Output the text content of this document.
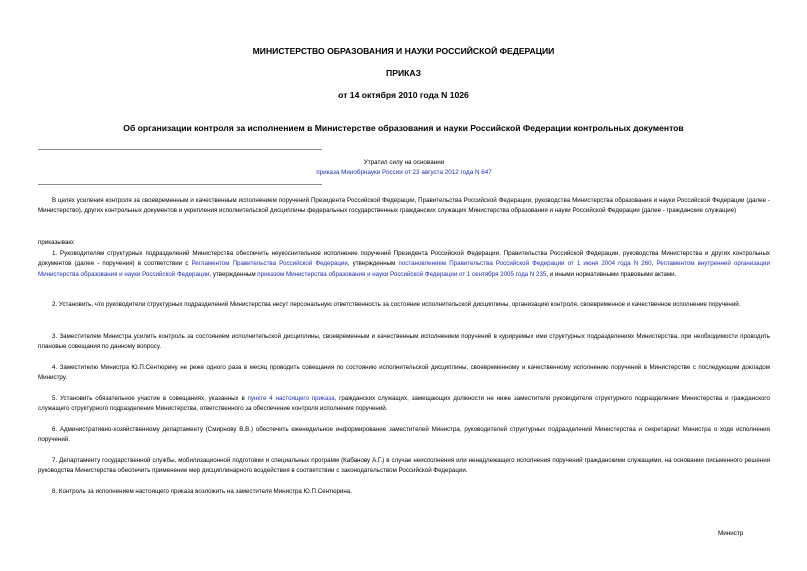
МИНИСТЕРСТВО ОБРАЗОВАНИЯ И НАУКИ РОССИЙСКОЙ ФЕДЕРАЦИИ
ПРИКАЗ
от 14 октября 2010 года N 1026
Об организации контроля за исполнением в Министерстве образования и науки Российской Федерации контрольных документов
Утратил силу на основании
приказа Минобрнауки России от 23 августа 2012 года N 647
В целях усиления контроля за своевременным и качественным исполнением поручений Президента Российской Федерации, Правительства Российской Федерации, руководства Министерства образования и науки Российской Федерации (далее - Министерство), других контрольных документов и укрепления исполнительской дисциплины федеральных государственных гражданских служащих Министерства образования и науки Российской Федерации (далее - гражданские служащие)
приказываю:
1. Руководителям структурных подразделений Министерства обеспечить неукоснительное исполнение поручений Президента Российской Федерации, Правительства Российской Федерации, руководства Министерства и других контрольных документов (далее - поручения) в соответствии с Регламентом Правительства Российской Федерации, утвержденным постановлением Правительства Российской Федерации от 1 июня 2004 года N 260, Регламентом внутренней организации Министерства образования и науки Российской Федерации, утвержденным приказом Министерства образования и науки Российской Федерации от 1 сентября 2005 года N 235, и иными нормативными правовыми актами.
2. Установить, что руководители структурных подразделений Министерства несут персональную ответственность за состояние исполнительской дисциплины, организацию контроля, своевременное и качественное исполнение поручений.
3. Заместителям Министра усилить контроль за состоянием исполнительской дисциплины, своевременным и качественным исполнением поручений в курируемых ими структурных подразделениях Министерства, при необходимости проводить плановые совещания по данному вопросу.
4. Заместителю Министра Ю.П.Сентюрину не реже одного раза в месяц проводить совещания по состоянию исполнительской дисциплины, своевременному и качественному исполнению поручений в Министерстве с последующим докладом Министру.
5. Установить обязательное участие в совещаниях, указанных в пункте 4 настоящего приказа, гражданских служащих, замещающих должности не ниже заместителя руководителя структурного подразделения Министерства и гражданского служащего структурного подразделения Министерства, ответственного за обеспечение контроля исполнения поручений.
6. Административно-хозяйственному департаменту (Смирнову В.В.) обеспечить еженедельное информирование заместителей Министра, руководителей структурных подразделений Министерства и секретариат Министра о ходе исполнения поручений.
7. Департаменту государственной службы, мобилизационной подготовки и специальных программ (Кабанову А.Г.) в случае неисполнения или ненадлежащего исполнения поручений гражданскими служащими, на основании письменного решения руководства Министерства обеспечить применение мер дисциплинарного воздействия в соответствии с законодательством Российской Федерации.
8. Контроль за исполнением настоящего приказа возложить на заместителя Министра Ю.П.Сентюрина.
Министр
